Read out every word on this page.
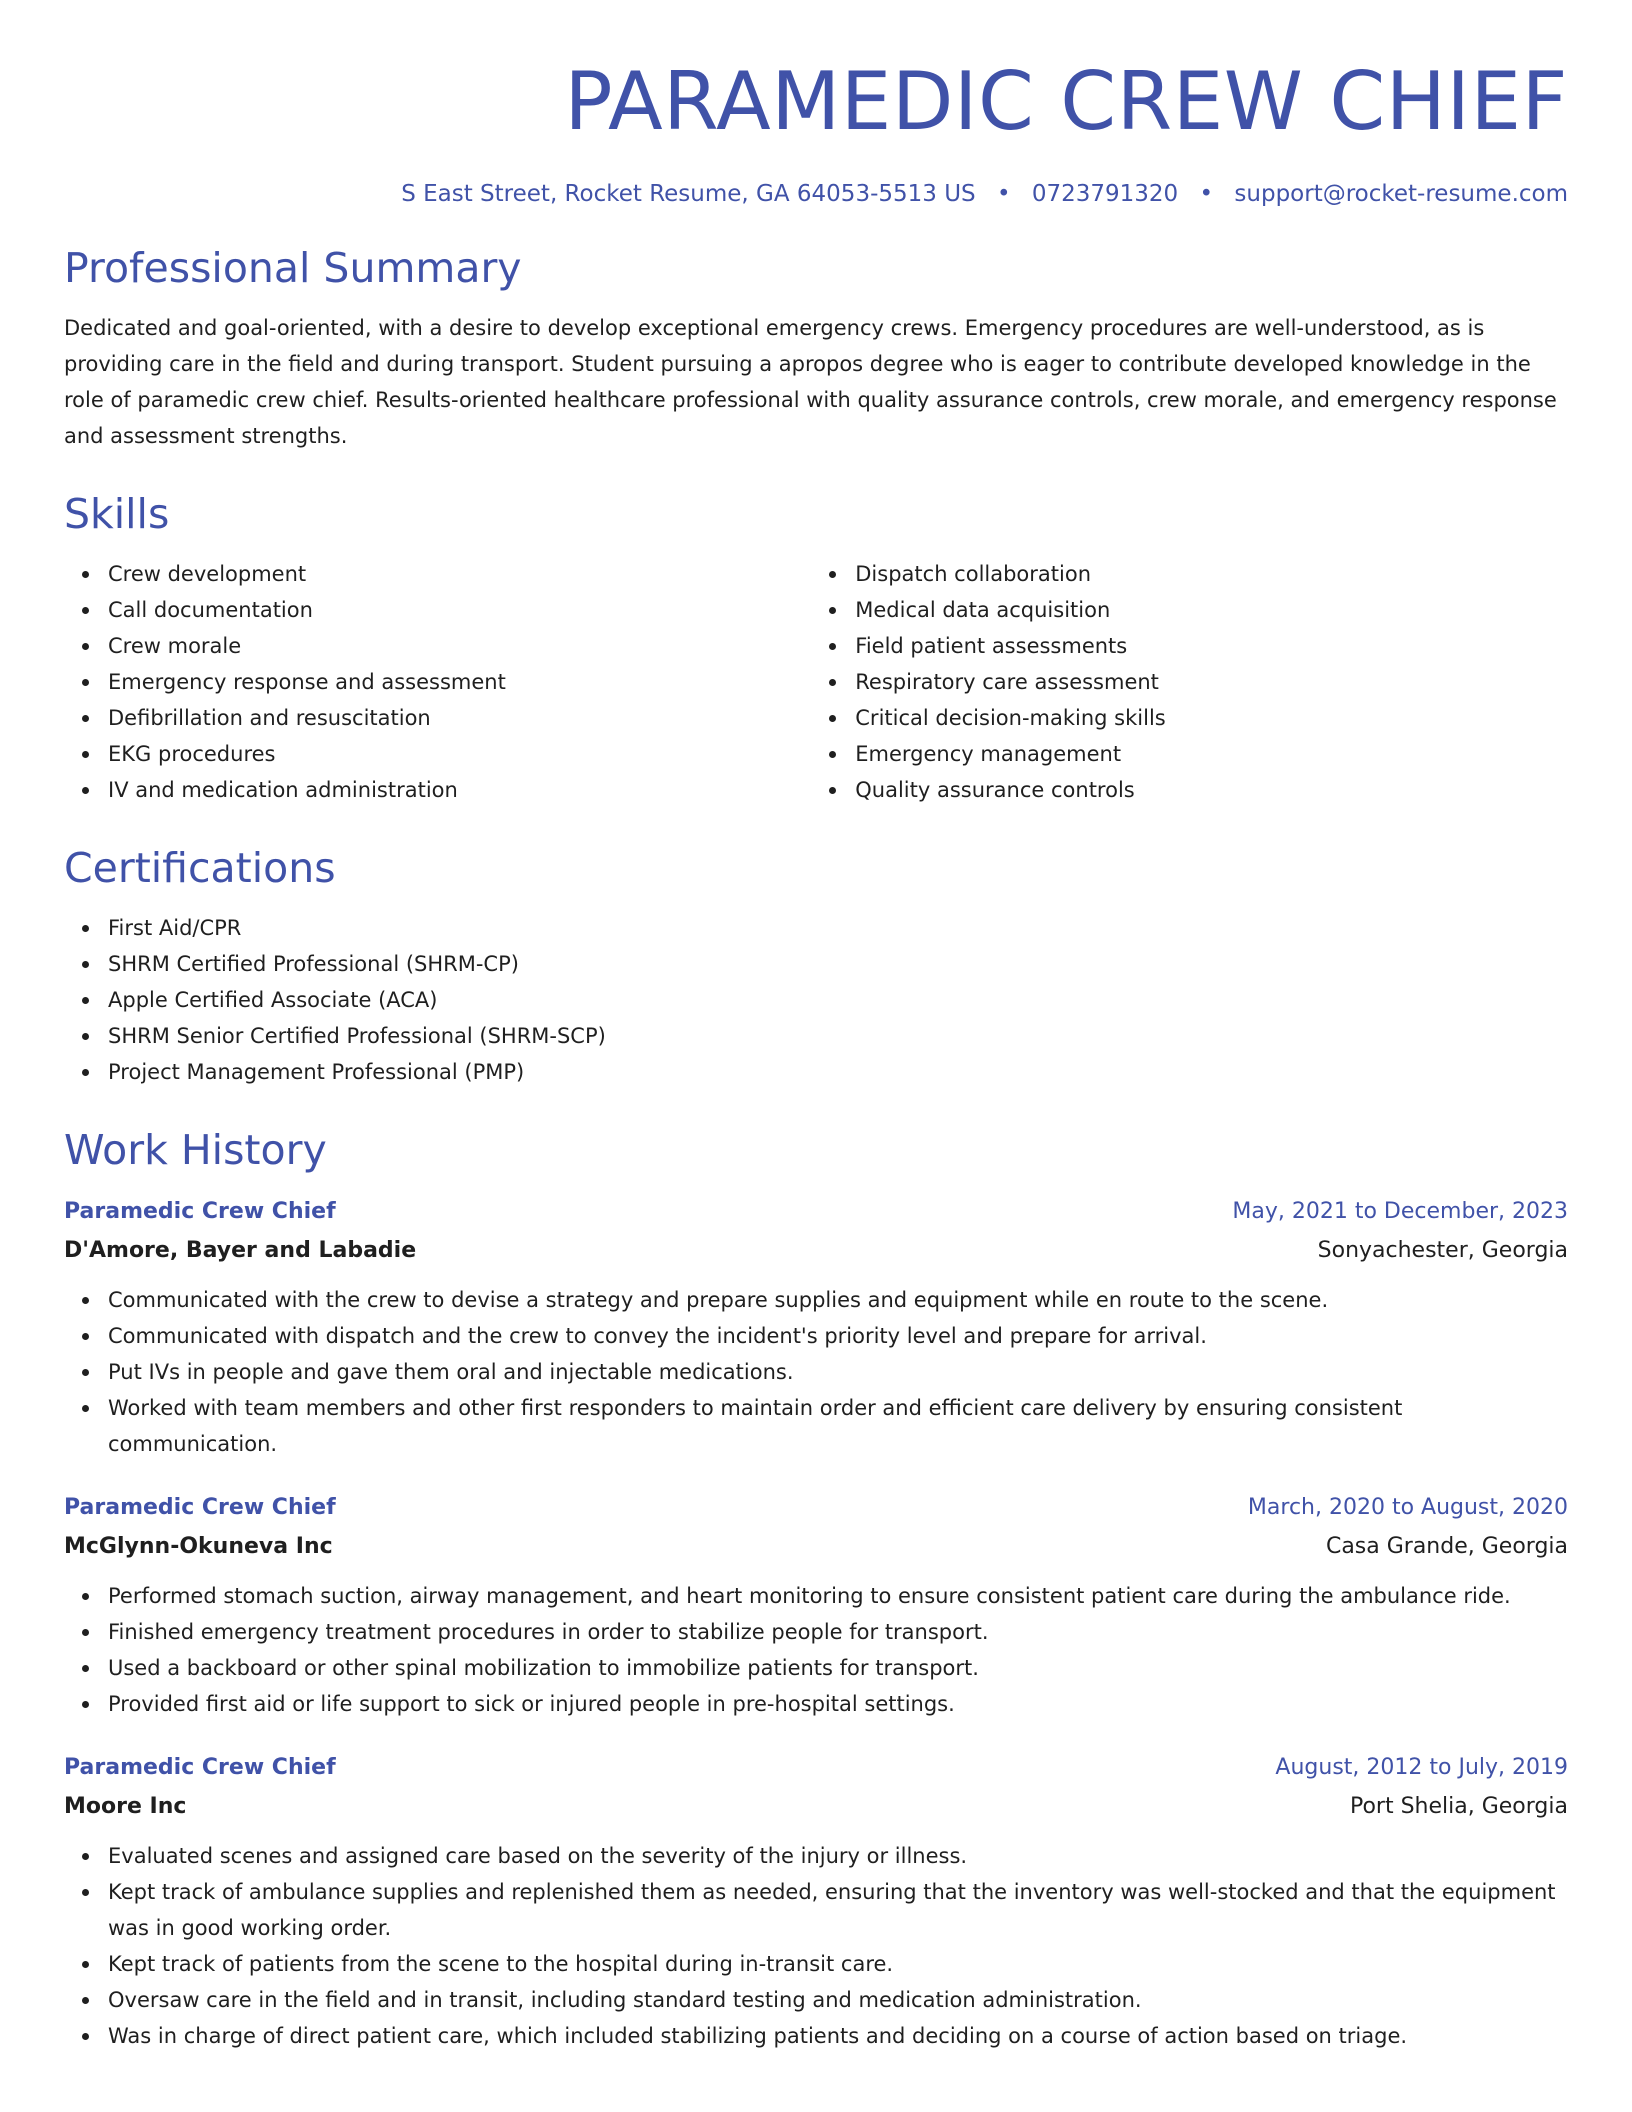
PARAMEDIC CREW CHIEF
S East Street, Rocket Resume, GA 64053-5513 US • 0723791320 • support@rocket-resume.com
Professional Summary

Dedicated and goal-oriented, with a desire to develop exceptional emergency crews. Emergency procedures are well-understood, as is providing care in the field and during transport. Student pursuing a apropos degree who is eager to contribute developed knowledge in the role of paramedic crew chief. Results-oriented healthcare professional with quality assurance controls, crew morale, and emergency response and assessment strengths.

Skills
Crew development
Call documentation
Crew morale
Emergency response and assessment
Defibrillation and resuscitation
EKG procedures
IV and medication administration
Dispatch collaboration
Medical data acquisition
Field patient assessments
Respiratory care assessment
Critical decision-making skills
Emergency management
Quality assurance controls
Certifications
First Aid/CPR
SHRM Certified Professional (SHRM-CP)
Apple Certified Associate (ACA)
SHRM Senior Certified Professional (SHRM-SCP)
Project Management Professional (PMP)
Work History
Paramedic Crew Chief	May, 2021 to December, 2023
D'Amore, Bayer and Labadie	Sonyachester, Georgia
Communicated with the crew to devise a strategy and prepare supplies and equipment while en route to the scene.
Communicated with dispatch and the crew to convey the incident's priority level and prepare for arrival.
Put IVs in people and gave them oral and injectable medications.
Worked with team members and other first responders to maintain order and efficient care delivery by ensuring consistent communication.
Paramedic Crew Chief	March, 2020 to August, 2020
McGlynn-Okuneva Inc	Casa Grande, Georgia
Performed stomach suction, airway management, and heart monitoring to ensure consistent patient care during the ambulance ride.
Finished emergency treatment procedures in order to stabilize people for transport.
Used a backboard or other spinal mobilization to immobilize patients for transport.
Provided first aid or life support to sick or injured people in pre-hospital settings.
Paramedic Crew Chief	August, 2012 to July, 2019
Moore Inc	Port Shelia, Georgia
Evaluated scenes and assigned care based on the severity of the injury or illness.
Kept track of ambulance supplies and replenished them as needed, ensuring that the inventory was well-stocked and that the equipment was in good working order.
Kept track of patients from the scene to the hospital during in-transit care.
Oversaw care in the field and in transit, including standard testing and medication administration.
Was in charge of direct patient care, which included stabilizing patients and deciding on a course of action based on triage.
